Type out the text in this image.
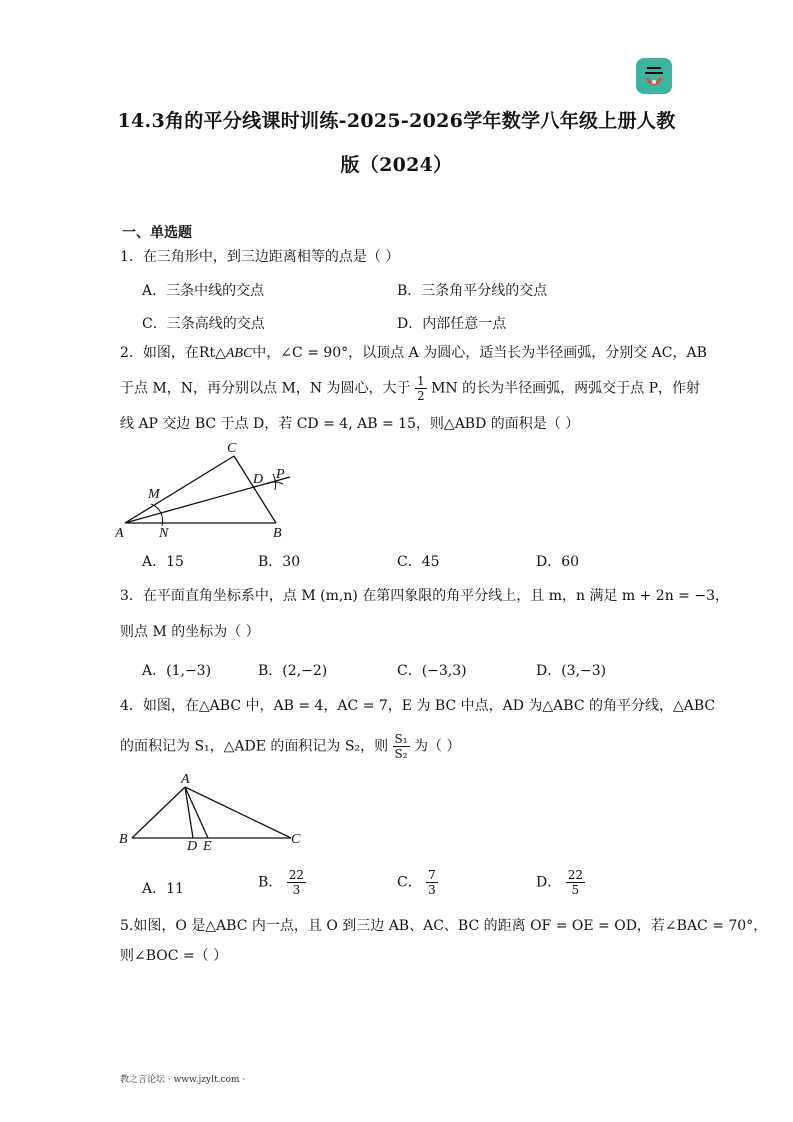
14.3角的平分线课时训练-2025-2026学年数学八年级上册人教
版（2024）
一、单选题
1．在三角形中，到三边距离相等的点是（ ）
A．三条中线的交点	B．三条角平分线的交点
C．三条高线的交点	D．内部任意一点
2．如图，在Rt△ABC中，∠C = 90°，以顶点 A 为圆心，适当长为半径画弧，分别交 AC，AB
于点 M，N，再分别以点 M，N 为圆心，大于 $\frac{1}{2}$ MN 的长为半径画弧，两弧交于点 P，作射
线 AP 交边 BC 于点 D，若 CD = 4, AB = 15，则△ABD 的面积是（ ）
A	B
C
D P
M
N
A．15	B．30	C．45	D．60
3．在平面直角坐标系中，点 M (m,n) 在第四象限的角平分线上，且 m，n 满足 m + 2n = −3，
则点 M 的坐标为（ ）
A．(1,−3)	B．(2,−2)	C．(−3,3)	D．(3,−3)
4．如图，在△ABC 中，AB = 4，AC = 7，E 为 BC 中点，AD 为△ABC 的角平分线，△ABC
的面积记为 S₁，△ADE 的面积记为 S₂，则 $\frac{\text{S₁}}{\text{S₂}}$ 为（ ）
A
B	C
D E
A．11	B． $\frac{22}{3}$	C． $\frac{7}{3}$	D． $\frac{22}{5}$
5.如图，O 是△ABC 内一点，且 O 到三边 AB、AC、BC 的距离 OF = OE = OD，若∠BAC = 70°，
则∠BOC =（ ）
教之言论坛 · www.jzylt.com ·
